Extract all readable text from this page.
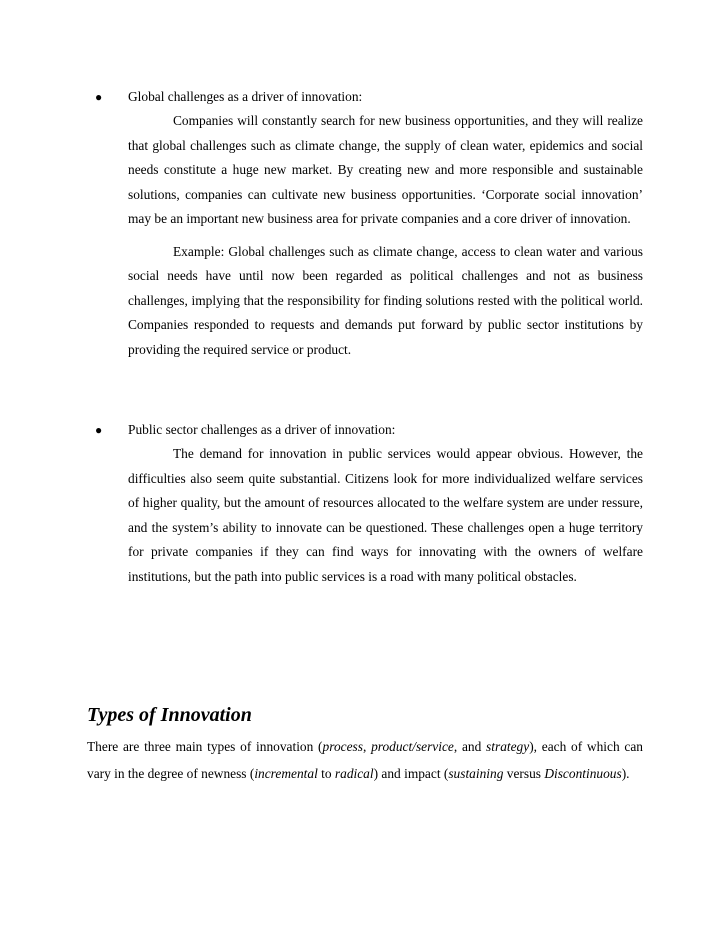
●

Global challenges as a driver of innovation:

Companies will constantly search for new business opportunities, and they will realize that global challenges such as climate change, the supply of clean water, epidemics and social needs constitute a huge new market. By creating new and more responsible and sustainable solutions, companies can cultivate new business opportunities. ‘Corporate social innovation’ may be an important new business area for private companies and a core driver of innovation.

Example: Global challenges such as climate change, access to clean water and various social needs have until now been regarded as political challenges and not as business challenges, implying that the responsibility for finding solutions rested with the political world. Companies responded to requests and demands put forward by public sector institutions by providing the required service or product.

●

Public sector challenges as a driver of innovation:

The demand for innovation in public services would appear obvious. However, the difficulties also seem quite substantial. Citizens look for more individualized welfare services of higher quality, but the amount of resources allocated to the welfare system are under ressure, and the system’s ability to innovate can be questioned. These challenges open a huge territory for private companies if they can find ways for innovating with the owners of welfare institutions, but the path into public services is a road with many political obstacles.

Types of Innovation

There are three main types of innovation (process, product/service, and strategy), each of which can vary in the degree of newness (incremental to radical) and impact (sustaining versus Discontinuous).
